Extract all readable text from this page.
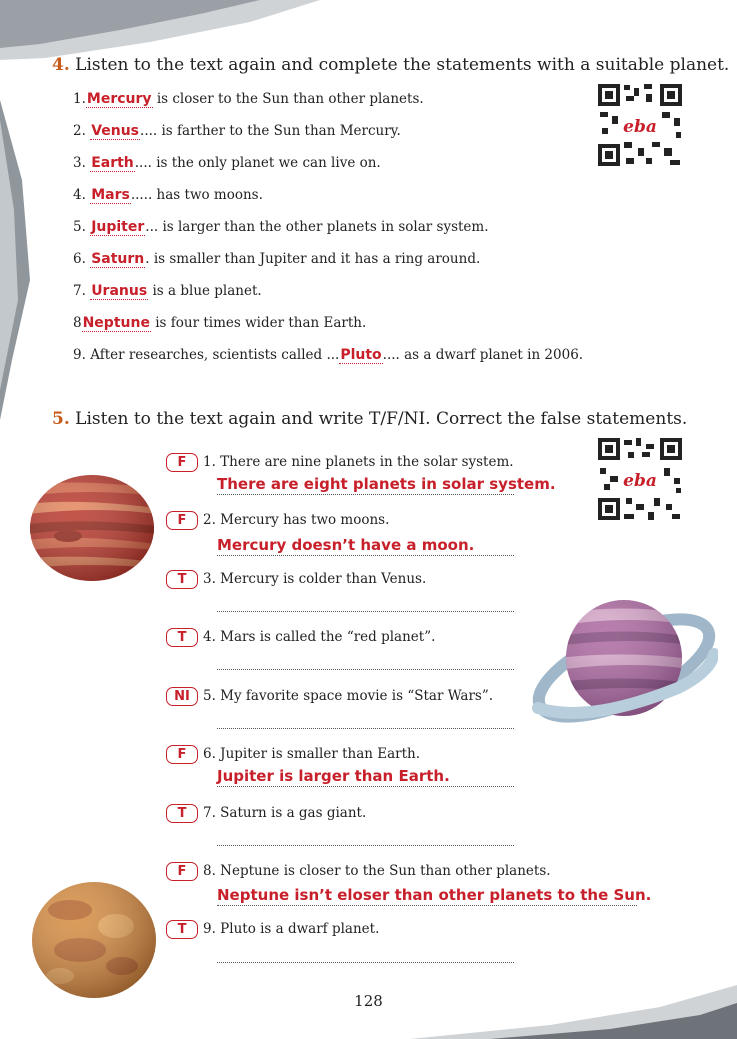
4. Listen to the text again and complete the statements with a suitable planet.
1.Mercury is closer to the Sun than other planets.
2. Venus.... is farther to the Sun than Mercury.
3. Earth.... is the only planet we can live on.
4. Mars..... has two moons.
5. Jupiter... is larger than the other planets in solar system.
6. Saturn. is smaller than Jupiter and it has a ring around.
7. Uranus is a blue planet.
8Neptune is four times wider than Earth.
9. After researches, scientists called ...Pluto.... as a dwarf planet in 2006.
eba
eba
5. Listen to the text again and write T/F/NI. Correct the false statements.
F	1. There are nine planets in the solar system.
There are eight planets in solar system.
F	2. Mercury has two moons.
Mercury doesn’t have a moon.
T	3. Mercury is colder than Venus.
T	4. Mars is called the “red planet”.
NI 5. My favorite space movie is “Star Wars”.
F	6. Jupiter is smaller than Earth.
Jupiter is larger than Earth.
T	7. Saturn is a gas giant.
F	8. Neptune is closer to the Sun than other planets.
Neptune isn’t eloser than other planets to the Sun.
T	9. Pluto is a dwarf planet.
128
